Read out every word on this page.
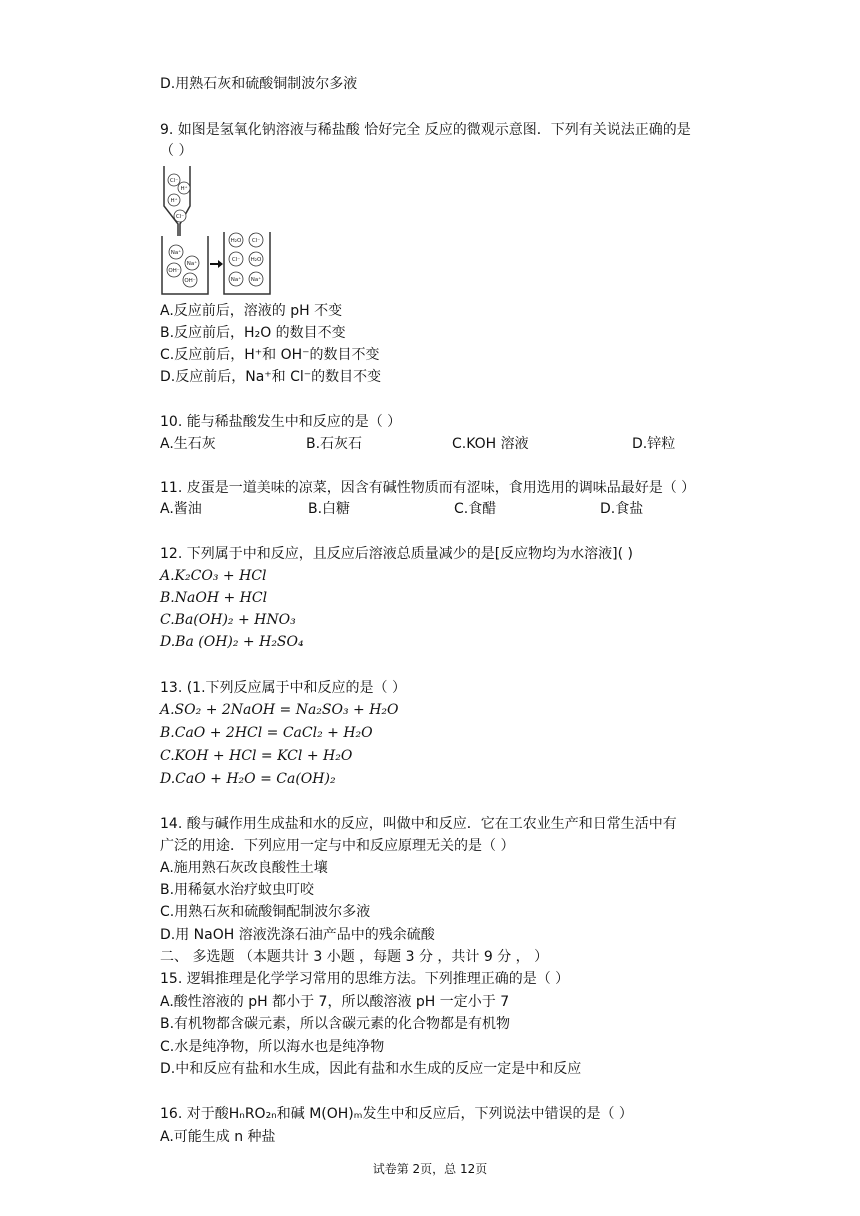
D.用熟石灰和硫酸铜制波尔多液
9. 如图是氢氧化钠溶液与稀盐酸 恰好完全 反应的微观示意图．下列有关说法正确的是
（ ）
Cl⁻
H⁺
H⁺
Cl⁻
Na⁺
Na⁺
OH⁻
OH⁻
H₂O Cl⁻
Cl⁻ H₂O
Na⁺ Na⁺
A.反应前后，溶液的 pH 不变
B.反应前后，H₂O 的数目不变
C.反应前后，H⁺和 OH⁻的数目不变
D.反应前后，Na⁺和 Cl⁻的数目不变
10. 能与稀盐酸发生中和反应的是（ ）
A.生石灰	B.石灰石	C.KOH 溶液	D.锌粒
11. 皮蛋是一道美味的凉菜，因含有碱性物质而有涩味，食用选用的调味品最好是（ ）
A.酱油	B.白糖	C.食醋	D.食盐
12. 下列属于中和反应，且反应后溶液总质量减少的是[反应物均为水溶液]( )
A.K₂CO₃ + HCl
B.NaOH + HCl
C.Ba(OH)₂ + HNO₃
D.Ba (OH)₂ + H₂SO₄
13. (1.下列反应属于中和反应的是（ ）
A.SO₂ + 2NaOH = Na₂SO₃ + H₂O
B.CaO + 2HCl = CaCl₂ + H₂O
C.KOH + HCl = KCl + H₂O
D.CaO + H₂O = Ca(OH)₂
14. 酸与碱作用生成盐和水的反应，叫做中和反应．它在工农业生产和日常生活中有
广泛的用途．下列应用一定与中和反应原理无关的是（ ）
A.施用熟石灰改良酸性土壤
B.用稀氨水治疗蚊虫叮咬
C.用熟石灰和硫酸铜配制波尔多液
D.用 NaOH 溶液洗涤石油产品中的残余硫酸
二、 多选题 （本题共计 3 小题 ，每题 3 分 ，共计 9 分 ， ）
15. 逻辑推理是化学学习常用的思维方法。下列推理正确的是（ ）
A.酸性溶液的 pH 都小于 7，所以酸溶液 pH 一定小于 7
B.有机物都含碳元素，所以含碳元素的化合物都是有机物
C.水是纯净物，所以海水也是纯净物
D.中和反应有盐和水生成，因此有盐和水生成的反应一定是中和反应
16. 对于酸HₙRO₂ₙ和碱 M(OH)ₘ发生中和反应后，下列说法中错误的是（ ）
A.可能生成 n 种盐
试卷第 2页，总 12页
